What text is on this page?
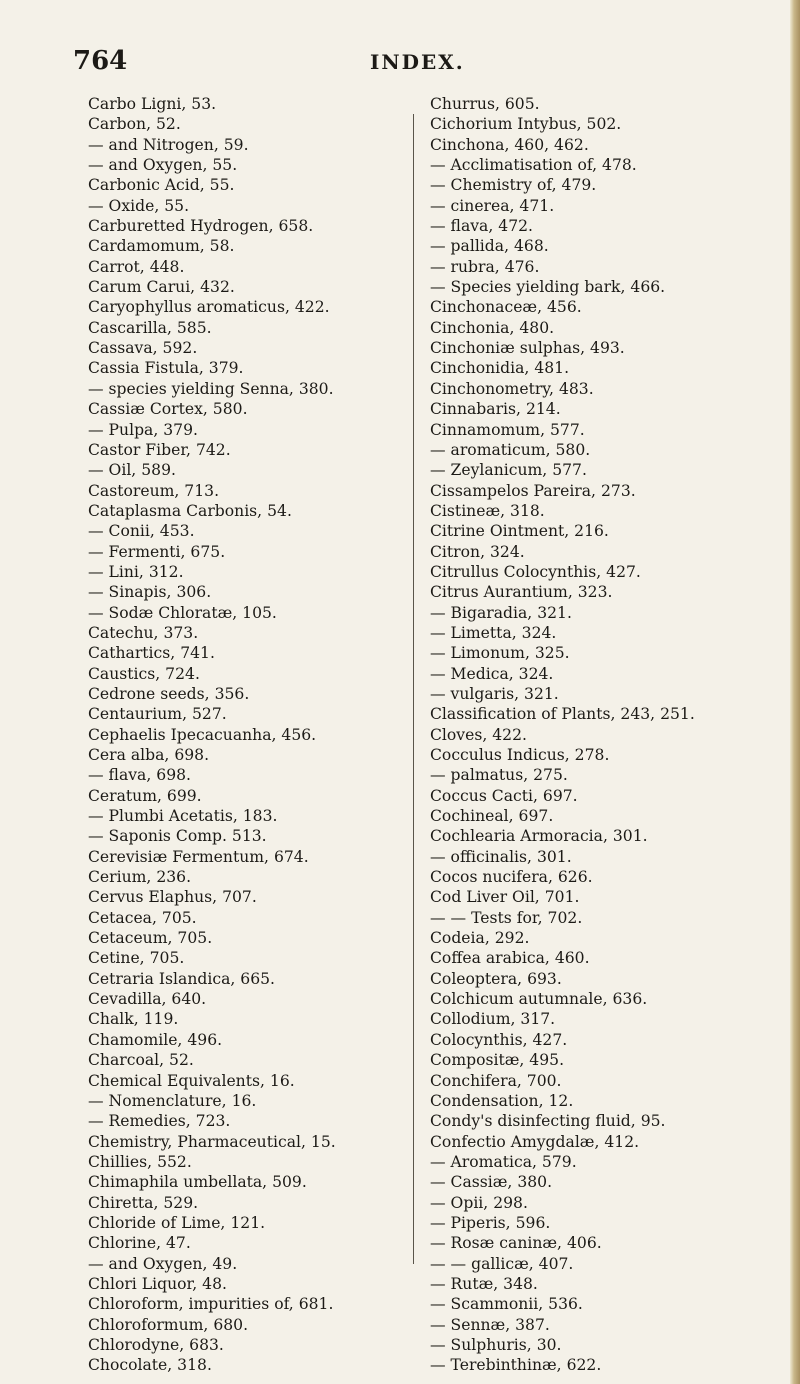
764	INDEX.
Carbo Ligni, 53.
Carbon, 52.
— and Nitrogen, 59.
— and Oxygen, 55.
Carbonic Acid, 55.
— Oxide, 55.
Carburetted Hydrogen, 658.
Cardamomum, 58.
Carrot, 448.
Carum Carui, 432.
Caryophyllus aromaticus, 422.
Cascarilla, 585.
Cassava, 592.
Cassia Fistula, 379.
— species yielding Senna, 380.
Cassiæ Cortex, 580.
— Pulpa, 379.
Castor Fiber, 742.
— Oil, 589.
Castoreum, 713.
Cataplasma Carbonis, 54.
— Conii, 453.
— Fermenti, 675.
— Lini, 312.
— Sinapis, 306.
— Sodæ Chloratæ, 105.
Catechu, 373.
Cathartics, 741.
Caustics, 724.
Cedrone seeds, 356.
Centaurium, 527.
Cephaelis Ipecacuanha, 456.
Cera alba, 698.
— flava, 698.
Ceratum, 699.
— Plumbi Acetatis, 183.
— Saponis Comp. 513.
Cerevisiæ Fermentum, 674.
Cerium, 236.
Cervus Elaphus, 707.
Cetacea, 705.
Cetaceum, 705.
Cetine, 705.
Cetraria Islandica, 665.
Cevadilla, 640.
Chalk, 119.
Chamomile, 496.
Charcoal, 52.
Chemical Equivalents, 16.
— Nomenclature, 16.
— Remedies, 723.
Chemistry, Pharmaceutical, 15.
Chillies, 552.
Chimaphila umbellata, 509.
Chiretta, 529.
Chloride of Lime, 121.
Chlorine, 47.
— and Oxygen, 49.
Chlori Liquor, 48.
Chloroform, impurities of, 681.
Chloroformum, 680.
Chlorodyne, 683.
Chocolate, 318.
Churrus, 605.
Cichorium Intybus, 502.
Cinchona, 460, 462.
— Acclimatisation of, 478.
— Chemistry of, 479.
— cinerea, 471.
— flava, 472.
— pallida, 468.
— rubra, 476.
— Species yielding bark, 466.
Cinchonaceæ, 456.
Cinchonia, 480.
Cinchoniæ sulphas, 493.
Cinchonidia, 481.
Cinchonometry, 483.
Cinnabaris, 214.
Cinnamomum, 577.
— aromaticum, 580.
— Zeylanicum, 577.
Cissampelos Pareira, 273.
Cistineæ, 318.
Citrine Ointment, 216.
Citron, 324.
Citrullus Colocynthis, 427.
Citrus Aurantium, 323.
— Bigaradia, 321.
— Limetta, 324.
— Limonum, 325.
— Medica, 324.
— vulgaris, 321.
Classification of Plants, 243, 251.
Cloves, 422.
Cocculus Indicus, 278.
— palmatus, 275.
Coccus Cacti, 697.
Cochineal, 697.
Cochlearia Armoracia, 301.
— officinalis, 301.
Cocos nucifera, 626.
Cod Liver Oil, 701.
— — Tests for, 702.
Codeia, 292.
Coffea arabica, 460.
Coleoptera, 693.
Colchicum autumnale, 636.
Collodium, 317.
Colocynthis, 427.
Compositæ, 495.
Conchifera, 700.
Condensation, 12.
Condy's disinfecting fluid, 95.
Confectio Amygdalæ, 412.
— Aromatica, 579.
— Cassiæ, 380.
— Opii, 298.
— Piperis, 596.
— Rosæ caninæ, 406.
— — gallicæ, 407.
— Rutæ, 348.
— Scammonii, 536.
— Sennæ, 387.
— Sulphuris, 30.
— Terebinthinæ, 622.
